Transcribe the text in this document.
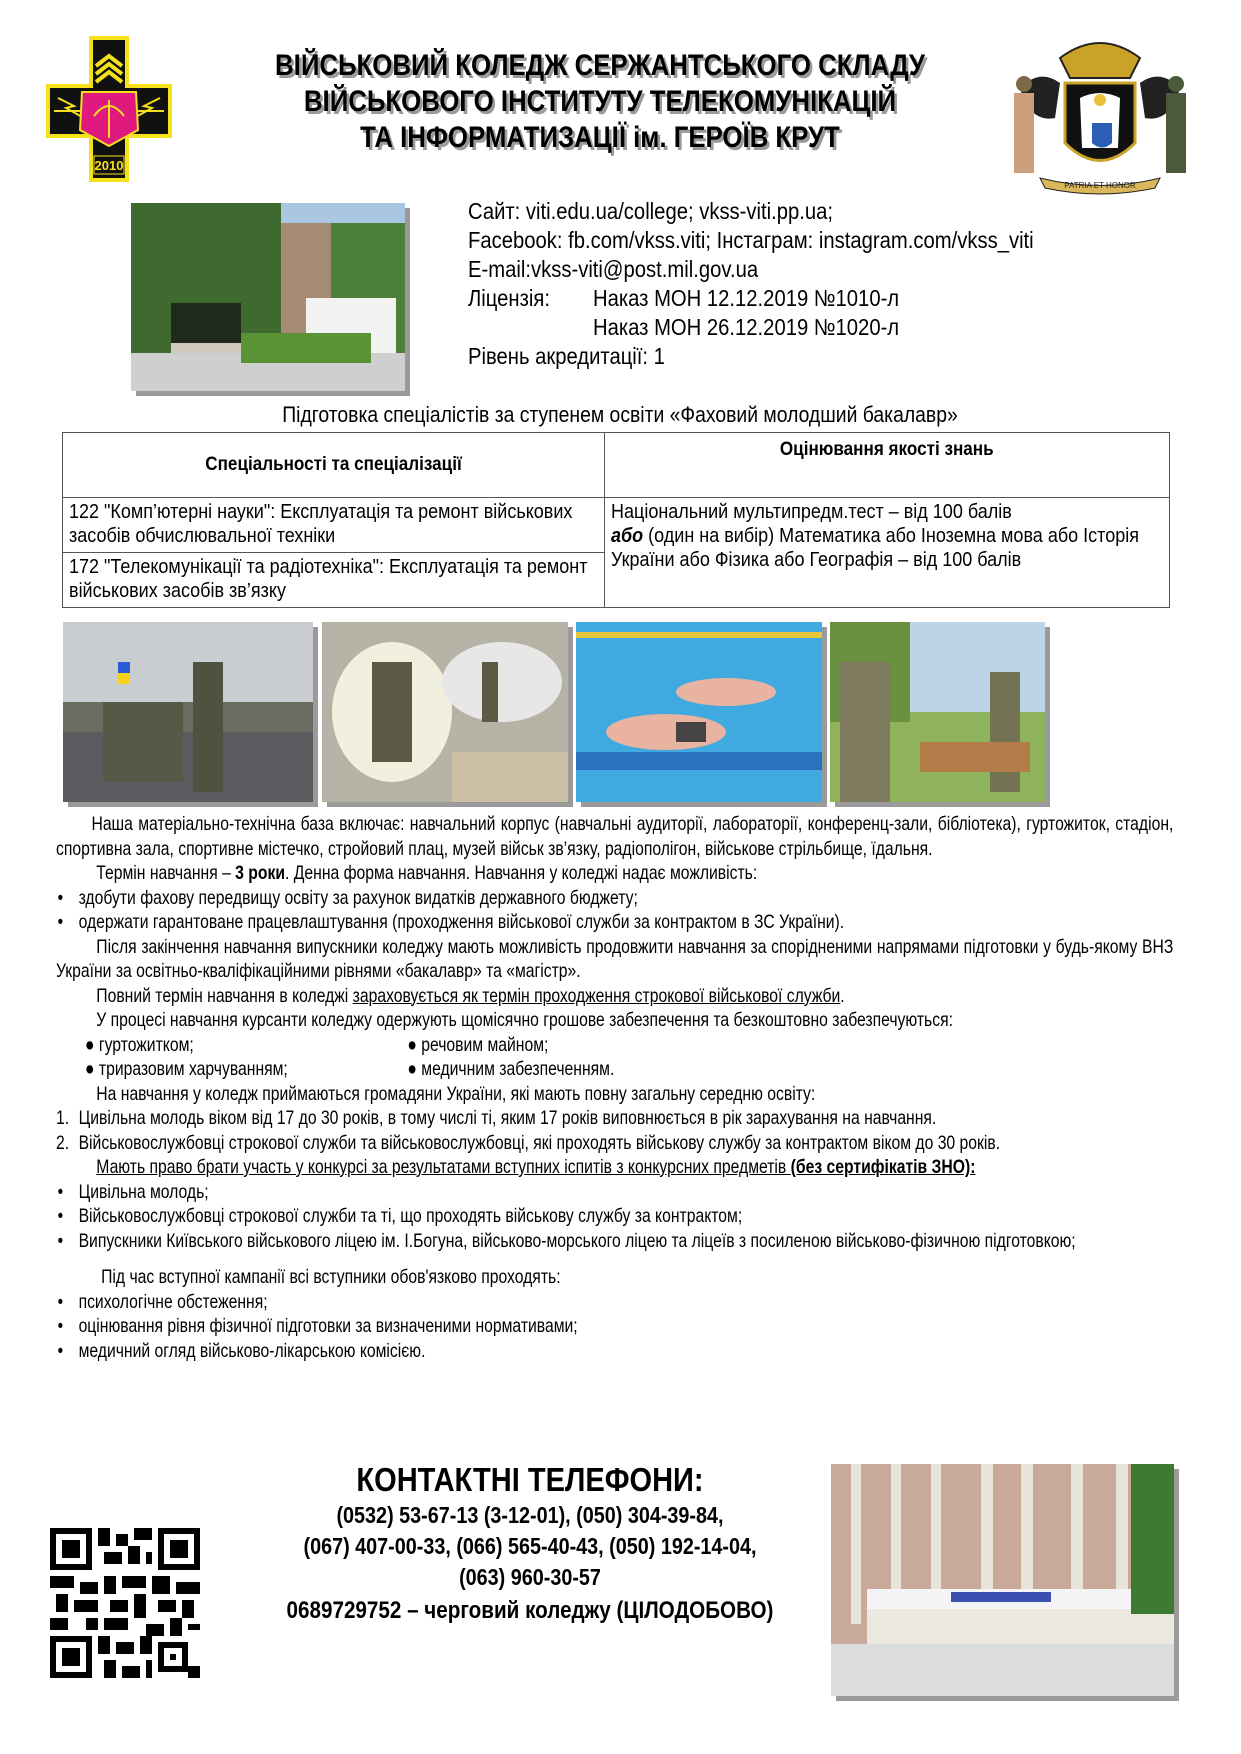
2010
ВІЙСЬКОВИЙ КОЛЕДЖ СЕРЖАНТСЬКОГО СКЛАДУ
ВІЙСЬКОВОГО ІНСТИТУТУ ТЕЛЕКОМУНІКАЦІЙ
ТА ІНФОРМАТИЗАЦІЇ ім. ГЕРОЇВ КРУТ
PATRIA ET HONOR
Сайт: viti.edu.ua/college; vkss-viti.pp.ua;
Facebook: fb.com/vkss.viti; Інстаграм: instagram.com/vkss_viti
E-mail:vkss-viti@post.mil.gov.ua
Ліцензія: Наказ МОН 12.12.2019 №1010-л
Наказ МОН 26.12.2019 №1020-л
Рівень акредитації: 1
Підготовка спеціалістів за ступенем освіти «Фаховий молодший бакалавр»
Спеціальності та спеціалізації	Оцінювання якості знань
122 "Комп’ютерні науки": Експлуатація та ремонт військових засобів обчислювальної техніки	Національний мультипредм.тест – від 100 балів
або (один на вибір) Математика або Іноземна мова або Історія України або Фізика або Географія – від 100 балів
172 "Телекомунікації та радіотехніка": Експлуатація та ремонт військових засобів зв’язку	

Наша матеріально-технічна база включає: навчальний корпус (навчальні аудиторії, лабораторії, конференц-зали, бібліотека), гуртожиток, стадіон, спортивна зала, спортивне містечко, стройовий плац, музей військ зв’язку, радіополігон, військове стрільбище, їдальня.

Термін навчання – 3 роки. Денна форма навчання. Навчання у коледжі надає можливість:

• здобути фахову передвищу освіту за рахунок видатків державного бюджету;

• одержати гарантоване працевлаштування (проходження військової служби за контрактом в ЗС України).

Після закінчення навчання випускники коледжу мають можливість продовжити навчання за спорідненими напрямами підготовки у будь-якому ВНЗ України за освітньо-кваліфікаційними рівнями «бакалавр» та «магістр».

Повний термін навчання в коледжі зараховується як термін проходження строкової військової служби.

У процесі навчання курсанти коледжу одержують щомісячно грошове забезпечення та безкоштовно забезпечуються:

● гуртожитком;	● речовим майном;
● триразовим харчуванням;	● медичним забезпеченням.

На навчання у коледж приймаються громадяни України, які мають повну загальну середню освіту:

1. Цивільна молодь віком від 17 до 30 років, в тому числі ті, яким 17 років виповнюється в рік зарахування на навчання.

2. Військовослужбовці строкової служби та військовослужбовці, які проходять військову службу за контрактом віком до 30 років.

Мають право брати участь у конкурсі за результатами вступних іспитів з конкурсних предметів (без сертифікатів ЗНО):

• Цивільна молодь;

• Військовослужбовці строкової служби та ті, що проходять військову службу за контрактом;

• Випускники Київського військового ліцею ім. І.Богуна, військово-морського ліцею та ліцеїв з посиленою військово-фізичною підготовкою;

Під час вступної кампанії всі вступники обов'язково проходять:

• психологічне обстеження;

• оцінювання рівня фізичної підготовки за визначеними нормативами;

• медичний огляд військово-лікарською комісією.

КОНТАКТНІ ТЕЛЕФОНИ:
(0532) 53-67-13 (3-12-01), (050) 304-39-84,
(067) 407-00-33, (066) 565-40-43, (050) 192-14-04,
(063) 960-30-57
0689729752 – черговий коледжу (ЦІЛОДОБОВО)
